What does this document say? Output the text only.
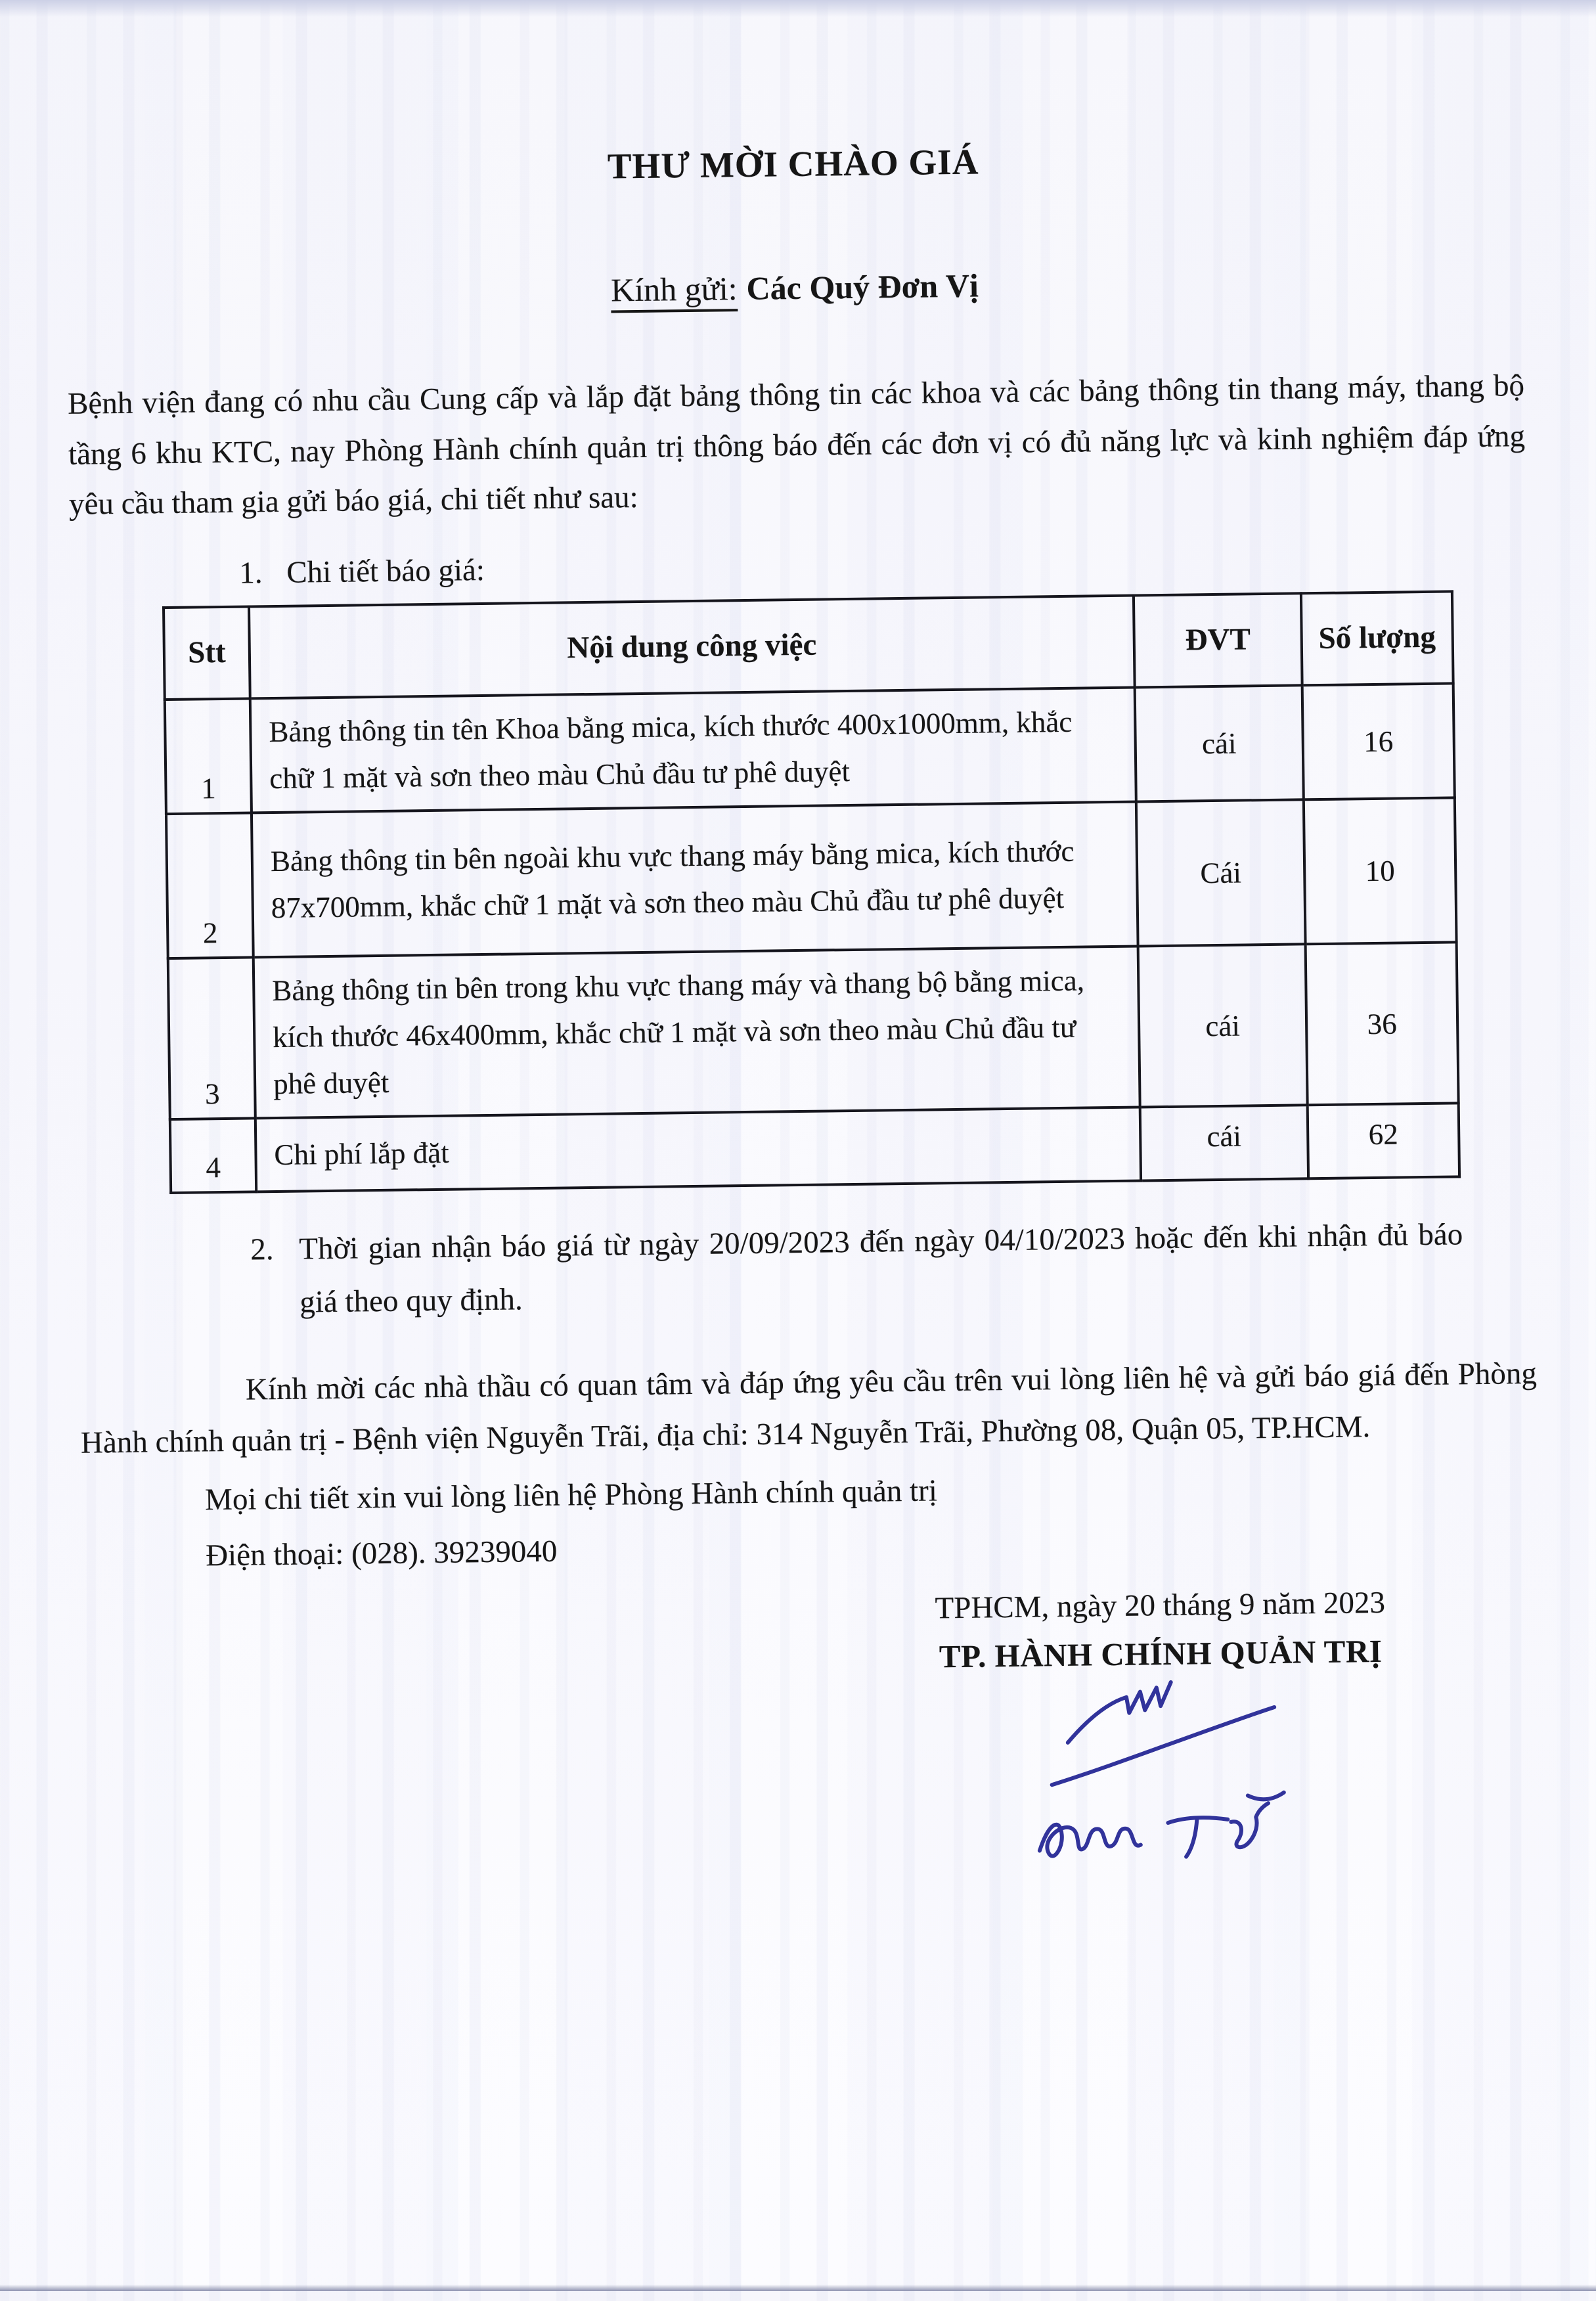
THƯ MỜI CHÀO GIÁ
Kính gửi: Các Quý Đơn Vị
Bệnh viện đang có nhu cầu Cung cấp và lắp đặt bảng thông tin các khoa và các bảng thông tin thang máy, thang bộ tầng 6 khu KTC, nay Phòng Hành chính quản trị thông báo đến các đơn vị có đủ năng lực và kinh nghiệm đáp ứng yêu cầu tham gia gửi báo giá, chi tiết như sau:
1. Chi tiết báo giá:
Stt	Nội dung công việc	ĐVT	Số lượng
1	Bảng thông tin tên Khoa bằng mica, kích thước 400x1000mm, khắc chữ 1 mặt và sơn theo màu Chủ đầu tư phê duyệt	cái	16
2	Bảng thông tin bên ngoài khu vực thang máy bằng mica, kích thước 87x700mm, khắc chữ 1 mặt và sơn theo màu Chủ đầu tư phê duyệt	Cái	10
3	Bảng thông tin bên trong khu vực thang máy và thang bộ bằng mica, kích thước 46x400mm, khắc chữ 1 mặt và sơn theo màu Chủ đầu tư phê duyệt	cái	36
4	Chi phí lắp đặt	cái	62
2. Thời gian nhận báo giá từ ngày 20/09/2023 đến ngày 04/10/2023 hoặc đến khi nhận đủ báo giá theo quy định.
Kính mời các nhà thầu có quan tâm và đáp ứng yêu cầu trên vui lòng liên hệ và gửi báo giá đến Phòng Hành chính quản trị - Bệnh viện Nguyễn Trãi, địa chỉ: 314 Nguyễn Trãi, Phường 08, Quận 05, TP.HCM.
Mọi chi tiết xin vui lòng liên hệ Phòng Hành chính quản trị
Điện thoại: (028). 39239040
TPHCM, ngày 20 tháng 9 năm 2023
TP. HÀNH CHÍNH QUẢN TRỊ
